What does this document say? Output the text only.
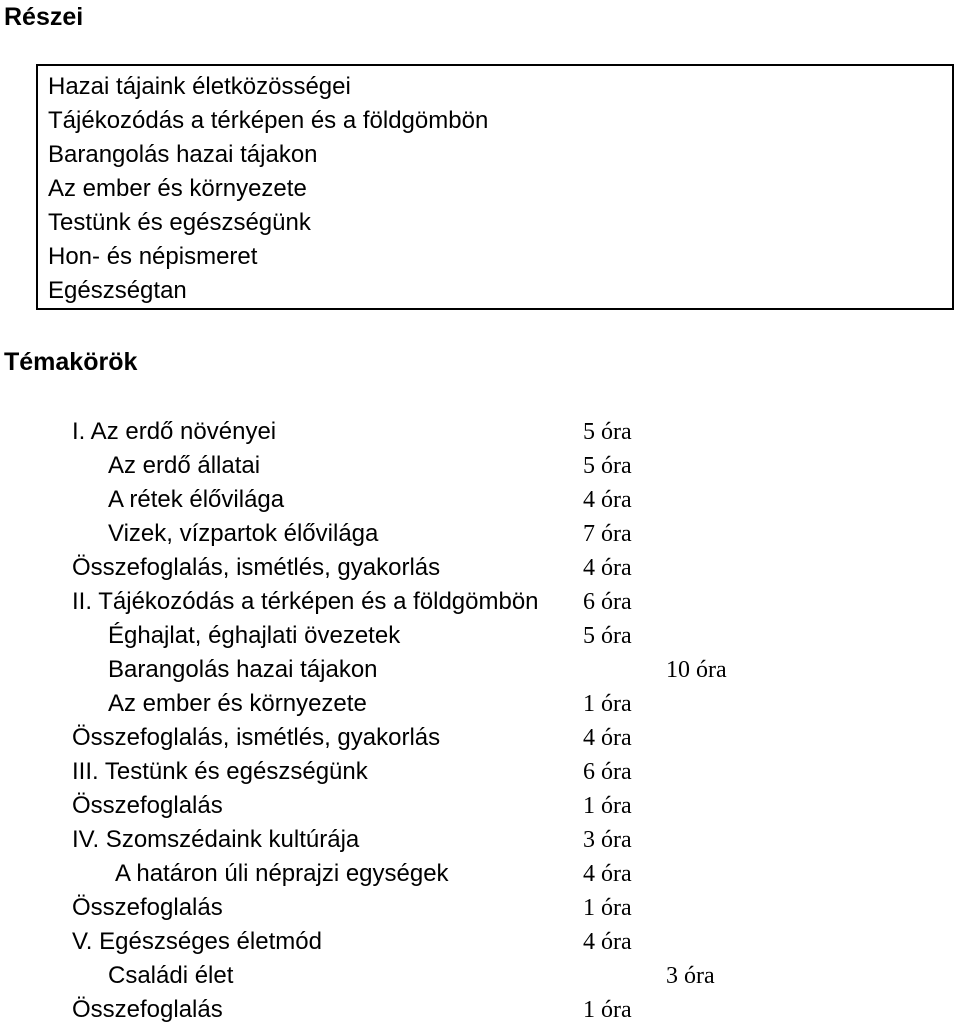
Részei
Hazai tájaink életközösségei
Tájékozódás a térképen és a földgömbön
Barangolás hazai tájakon
Az ember és környezete
Testünk és egészségünk
Hon- és népismeret
Egészségtan
Témakörök
I. Az erdő növényei	5 óra
Az erdő állatai	5 óra
A rétek élővilága	4 óra
Vizek, vízpartok élővilága	7 óra
Összefoglalás, ismétlés, gyakorlás	4 óra
II. Tájékozódás a térképen és a földgömbön 6 óra
Éghajlat, éghajlati övezetek	5 óra
Barangolás hazai tájakon	10 óra
Az ember és környezete	1 óra
Összefoglalás, ismétlés, gyakorlás	4 óra
III. Testünk és egészségünk	6 óra
Összefoglalás	1 óra
IV. Szomszédaink kultúrája	3 óra
A határon úli néprajzi egységek	4 óra
Összefoglalás	1 óra
V. Egészséges életmód	4 óra
Családi élet	3 óra
Összefoglalás	1 óra
